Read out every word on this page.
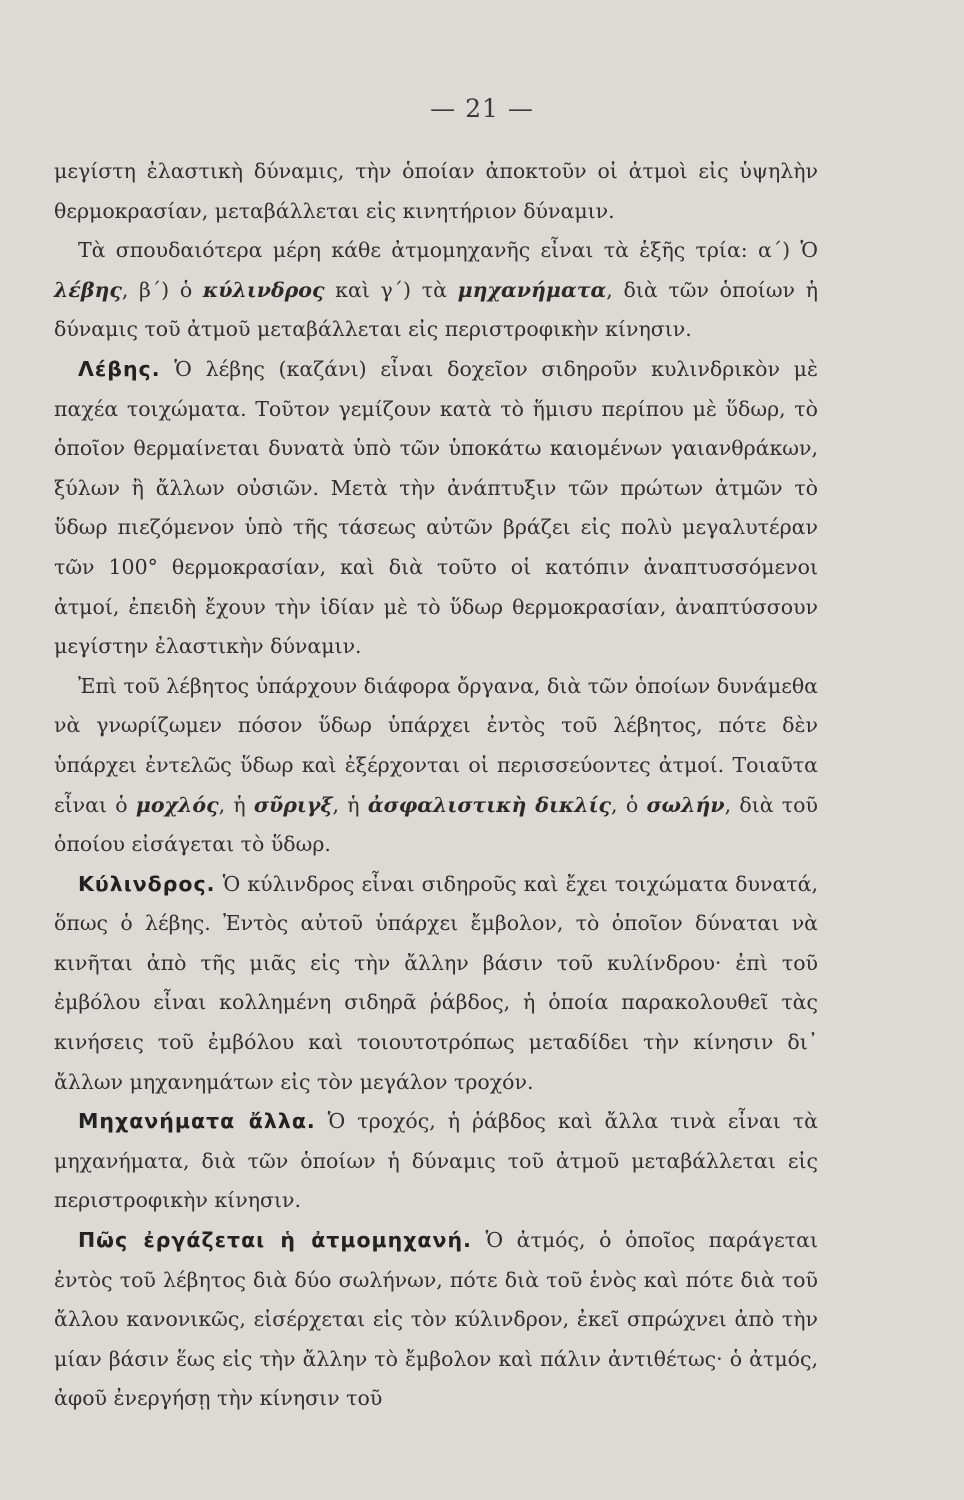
— 21 —

μεγίστη ἐλαστικὴ δύναμις, τὴν ὁποίαν ἀποκτοῦν οἱ ἀτμοὶ εἰς ὑψηλὴν θερμοκρασίαν, μεταβάλλεται εἰς κινητήριον δύναμιν.

Τὰ σπουδαιότερα μέρη κάθε ἀτμομηχανῆς εἶναι τὰ ἑξῆς τρία: α΄) Ὁ λέβης, β΄) ὁ κύλινδρος καὶ γ΄) τὰ μηχανήματα, διὰ τῶν ὁποίων ἡ δύναμις τοῦ ἀτμοῦ μεταβάλλεται εἰς περιστροφικὴν κίνησιν.

Λέβης. Ὁ λέβης (καζάνι) εἶναι δοχεῖον σιδηροῦν κυλινδρικὸν μὲ παχέα τοιχώματα. Τοῦτον γεμίζουν κατὰ τὸ ἥμισυ περίπου μὲ ὕδωρ, τὸ ὁποῖον θερμαίνεται δυνατὰ ὑπὸ τῶν ὑποκάτω καιομένων γαιανθράκων, ξύλων ἢ ἄλλων οὐσιῶν. Μετὰ τὴν ἀνάπτυξιν τῶν πρώτων ἀτμῶν τὸ ὕδωρ πιεζόμενον ὑπὸ τῆς τάσεως αὐτῶν βράζει εἰς πολὺ μεγαλυτέραν τῶν 100° θερμοκρασίαν, καὶ διὰ τοῦτο οἱ κατόπιν ἀναπτυσσόμενοι ἀτμοί, ἐπειδὴ ἔχουν τὴν ἰδίαν μὲ τὸ ὕδωρ θερμοκρασίαν, ἀναπτύσσουν μεγίστην ἐλαστικὴν δύναμιν.

Ἐπὶ τοῦ λέβητος ὑπάρχουν διάφορα ὄργανα, διὰ τῶν ὁποίων δυνάμεθα νὰ γνωρίζωμεν πόσον ὕδωρ ὑπάρχει ἐντὸς τοῦ λέβητος, πότε δὲν ὑπάρχει ἐντελῶς ὕδωρ καὶ ἐξέρχονται οἱ περισσεύοντες ἀτμοί. Τοιαῦτα εἶναι ὁ μοχλός, ἡ σῦριγξ, ἡ ἀσφαλιστικὴ δικλίς, ὁ σωλήν, διὰ τοῦ ὁποίου εἰσάγεται τὸ ὕδωρ.

Κύλινδρος. Ὁ κύλινδρος εἶναι σιδηροῦς καὶ ἔχει τοιχώματα δυνατά, ὅπως ὁ λέβης. Ἐντὸς αὐτοῦ ὑπάρχει ἔμβολον, τὸ ὁποῖον δύναται νὰ κινῆται ἀπὸ τῆς μιᾶς εἰς τὴν ἄλλην βάσιν τοῦ κυλίνδρου· ἐπὶ τοῦ ἐμβόλου εἶναι κολλημένη σιδηρᾶ ῥάβδος, ἡ ὁποία παρακολουθεῖ τὰς κινήσεις τοῦ ἐμβόλου καὶ τοιουτοτρόπως μεταδίδει τὴν κίνησιν δι᾽ ἄλλων μηχανημάτων εἰς τὸν μεγάλον τροχόν.

Μηχανήματα ἄλλα. Ὁ τροχός, ἡ ῥάβδος καὶ ἄλλα τινὰ εἶναι τὰ μηχανήματα, διὰ τῶν ὁποίων ἡ δύναμις τοῦ ἀτμοῦ μεταβάλλεται εἰς περιστροφικὴν κίνησιν.

Πῶς ἐργάζεται ἡ ἀτμομηχανή. Ὁ ἀτμός, ὁ ὁποῖος παράγεται ἐντὸς τοῦ λέβητος διὰ δύο σωλήνων, πότε διὰ τοῦ ἑνὸς καὶ πότε διὰ τοῦ ἄλλου κανονικῶς, εἰσέρχεται εἰς τὸν κύλινδρον, ἐκεῖ σπρώχνει ἀπὸ τὴν μίαν βάσιν ἕως εἰς τὴν ἄλλην τὸ ἔμβολον καὶ πάλιν ἀντιθέτως· ὁ ἀτμός, ἀφοῦ ἐνεργήσῃ τὴν κίνησιν τοῦ
